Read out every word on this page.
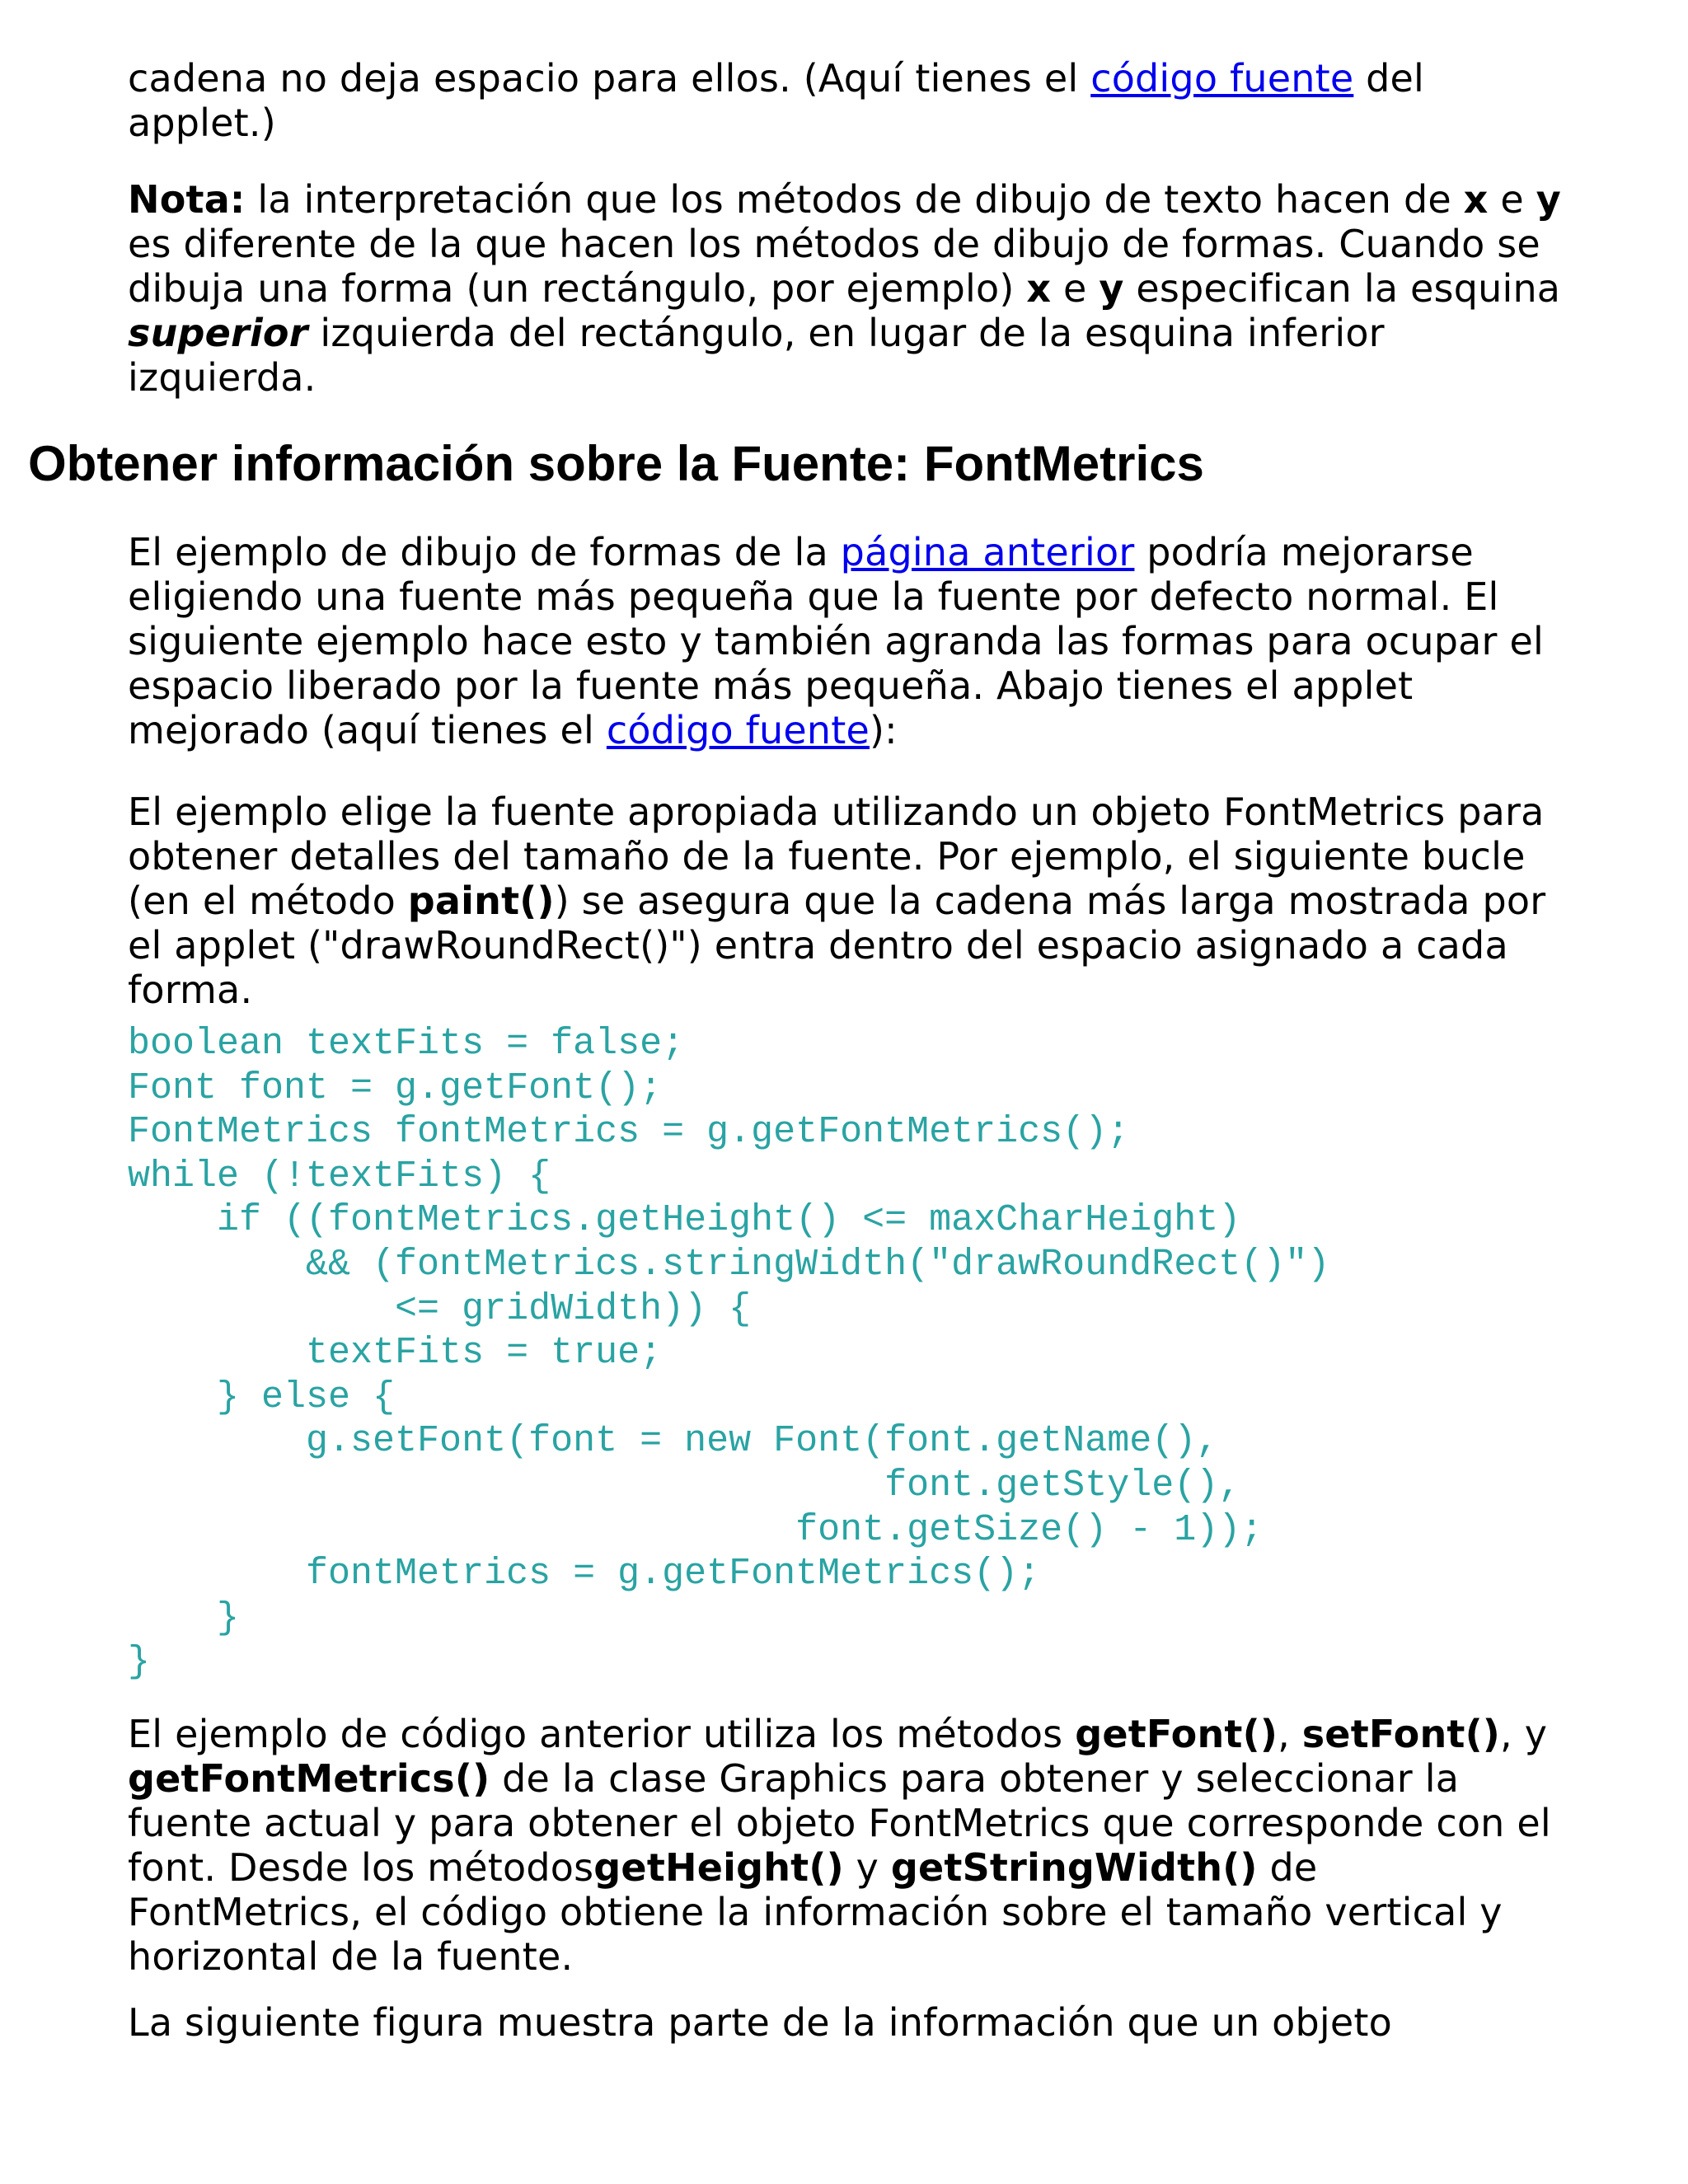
cadena no deja espacio para ellos. (Aquí tienes el código fuente del applet.)

Nota: la interpretación que los métodos de dibujo de texto hacen de x e y es diferente de la que hacen los métodos de dibujo de formas. Cuando se dibuja una forma (un rectángulo, por ejemplo) x e y especifican la esquina superior izquierda del rectángulo, en lugar de la esquina inferior izquierda.

Obtener información sobre la Fuente: FontMetrics

El ejemplo de dibujo de formas de la página anterior podría mejorarse eligiendo una fuente más pequeña que la fuente por defecto normal. El siguiente ejemplo hace esto y también agranda las formas para ocupar el espacio liberado por la fuente más pequeña. Abajo tienes el applet mejorado (aquí tienes el código fuente):

El ejemplo elige la fuente apropiada utilizando un objeto FontMetrics para obtener detalles del tamaño de la fuente. Por ejemplo, el siguiente bucle (en el método paint()) se asegura que la cadena más larga mostrada por el applet ("drawRoundRect()") entra dentro del espacio asignado a cada forma.

boolean textFits = false;
Font font = g.getFont();
FontMetrics fontMetrics = g.getFontMetrics();
while (!textFits) {
if ((fontMetrics.getHeight() <= maxCharHeight)
&& (fontMetrics.stringWidth("drawRoundRect()")
<= gridWidth)) {
textFits = true;
} else {
g.setFont(font = new Font(font.getName(),
font.getStyle(),
font.getSize() - 1));
fontMetrics = g.getFontMetrics();
}
}

El ejemplo de código anterior utiliza los métodos getFont(), setFont(), y getFontMetrics() de la clase Graphics para obtener y seleccionar la fuente actual y para obtener el objeto FontMetrics que corresponde con el font. Desde los métodosgetHeight() y getStringWidth() de FontMetrics, el código obtiene la información sobre el tamaño vertical y horizontal de la fuente.

La siguiente figura muestra parte de la información que un objeto
